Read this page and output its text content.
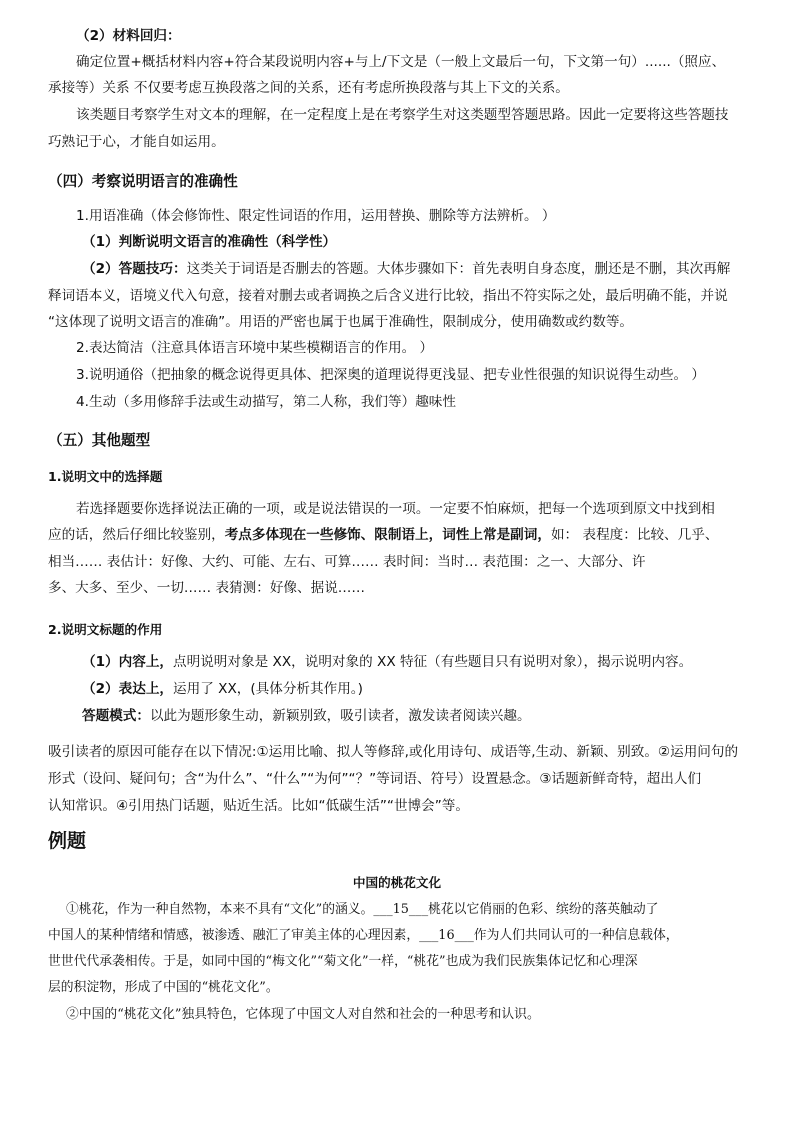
（2）材料回归：
确定位置+概括材料内容+符合某段说明内容+与上/下文是（一般上文最后一句，下文第一句）......（照应、
承接等）关系 不仅要考虑互换段落之间的关系，还有考虑所换段落与其上下文的关系。
该类题目考察学生对文本的理解，在一定程度上是在考察学生对这类题型答题思路。因此一定要将这些答题技
巧熟记于心，才能自如运用。
（四）考察说明语言的准确性
1.用语准确（体会修饰性、限定性词语的作用，运用替换、删除等方法辨析。 ）
（1）判断说明文语言的准确性（科学性）
（2）答题技巧：这类关于词语是否删去的答题。大体步骤如下：首先表明自身态度，删还是不删，其次再解
释词语本义，语境义代入句意，接着对删去或者调换之后含义进行比较，指出不符实际之处，最后明确不能，并说
“这体现了说明文语言的准确”。用语的严密也属于也属于准确性，限制成分，使用确数或约数等。
2.表达简洁（注意具体语言环境中某些模糊语言的作用。 ）
3.说明通俗（把抽象的概念说得更具体、把深奥的道理说得更浅显、把专业性很强的知识说得生动些。 ）
4.生动（多用修辞手法或生动描写，第二人称，我们等）趣味性
（五）其他题型
1.说明文中的选择题
若选择题要你选择说法正确的一项，或是说法错误的一项。一定要不怕麻烦，把每一个选项到原文中找到相
应的话，然后仔细比较鉴别，考点多体现在一些修饰、限制语上，词性上常是副词，如： 表程度：比较、几乎、
相当…… 表估计：好像、大约、可能、左右、可算…… 表时间：当时… 表范围：之一、大部分、许
多、大多、至少、一切…… 表猜测：好像、据说……
2.说明文标题的作用
（1）内容上，点明说明对象是 XX，说明对象的 XX 特征（有些题目只有说明对象），揭示说明内容。
（2）表达上，运用了 XX，(具体分析其作用。)
答题模式：以此为题形象生动，新颖别致，吸引读者，激发读者阅读兴趣。
吸引读者的原因可能存在以下情况:①运用比喻、拟人等修辞,或化用诗句、成语等,生动、新颖、别致。②运用问句的
形式（设问、疑问句；含“为什么”、“什么”“为何”“？”等词语、符号）设置悬念。③话题新鲜奇特，超出人们
认知常识。④引用热门话题，贴近生活。比如“低碳生活”“世博会”等。
例题
中国的桃花文化
①桃花，作为一种自然物，本来不具有“文化”的涵义。___15___桃花以它俏丽的色彩、缤纷的落英触动了
中国人的某种情绪和情感，被渗透、融汇了审美主体的心理因素，___16___作为人们共同认可的一种信息载体，
世世代代承袭相传。于是，如同中国的“梅文化”“菊文化”一样，“桃花”也成为我们民族集体记忆和心理深
层的积淀物，形成了中国的“桃花文化”。
②中国的“桃花文化”独具特色，它体现了中国文人对自然和社会的一种思考和认识。
